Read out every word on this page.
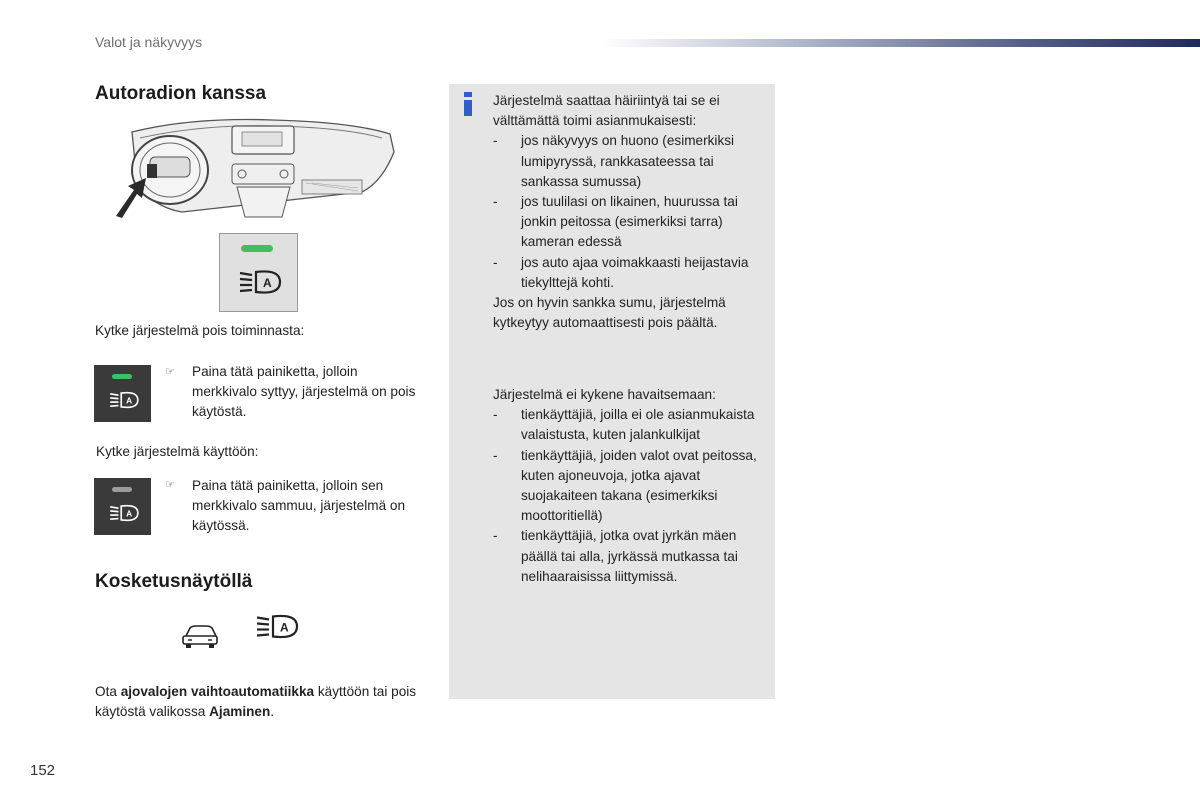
Valot ja näkyvyys
Autoradion kanssa
A
Kytke järjestelmä pois toiminnasta:
A
☞ Paina tätä painiketta, jolloin merkkivalo syttyy, järjestelmä on pois käytöstä.
Kytke järjestelmä käyttöön:
A
☞ Paina tätä painiketta, jolloin sen merkkivalo sammuu, järjestelmä on käytössä.
Kosketusnäytöllä
A
Ota ajovalojen vaihtoautomatiikka käyttöön tai pois käytöstä valikossa Ajaminen.
Järjestelmä saattaa häiriintyä tai se ei välttämättä toimi asianmukaisesti:
- jos näkyvyys on huono (esimerkiksi lumipyryssä, rankkasateessa tai sankassa sumussa)
- jos tuulilasi on likainen, huurussa tai jonkin peitossa (esimerkiksi tarra) kameran edessä
- jos auto ajaa voimakkaasti heijastavia tiekylttejä kohti.
Jos on hyvin sankka sumu, järjestelmä kytkeytyy automaattisesti pois päältä.
Järjestelmä ei kykene havaitsemaan:
- tienkäyttäjiä, joilla ei ole asianmukaista valaistusta, kuten jalankulkijat
- tienkäyttäjiä, joiden valot ovat peitossa, kuten ajoneuvoja, jotka ajavat suojakaiteen takana (esimerkiksi moottoritiellä)
- tienkäyttäjiä, jotka ovat jyrkän mäen päällä tai alla, jyrkässä mutkassa tai nelihaaraisissa liittymissä.
152
